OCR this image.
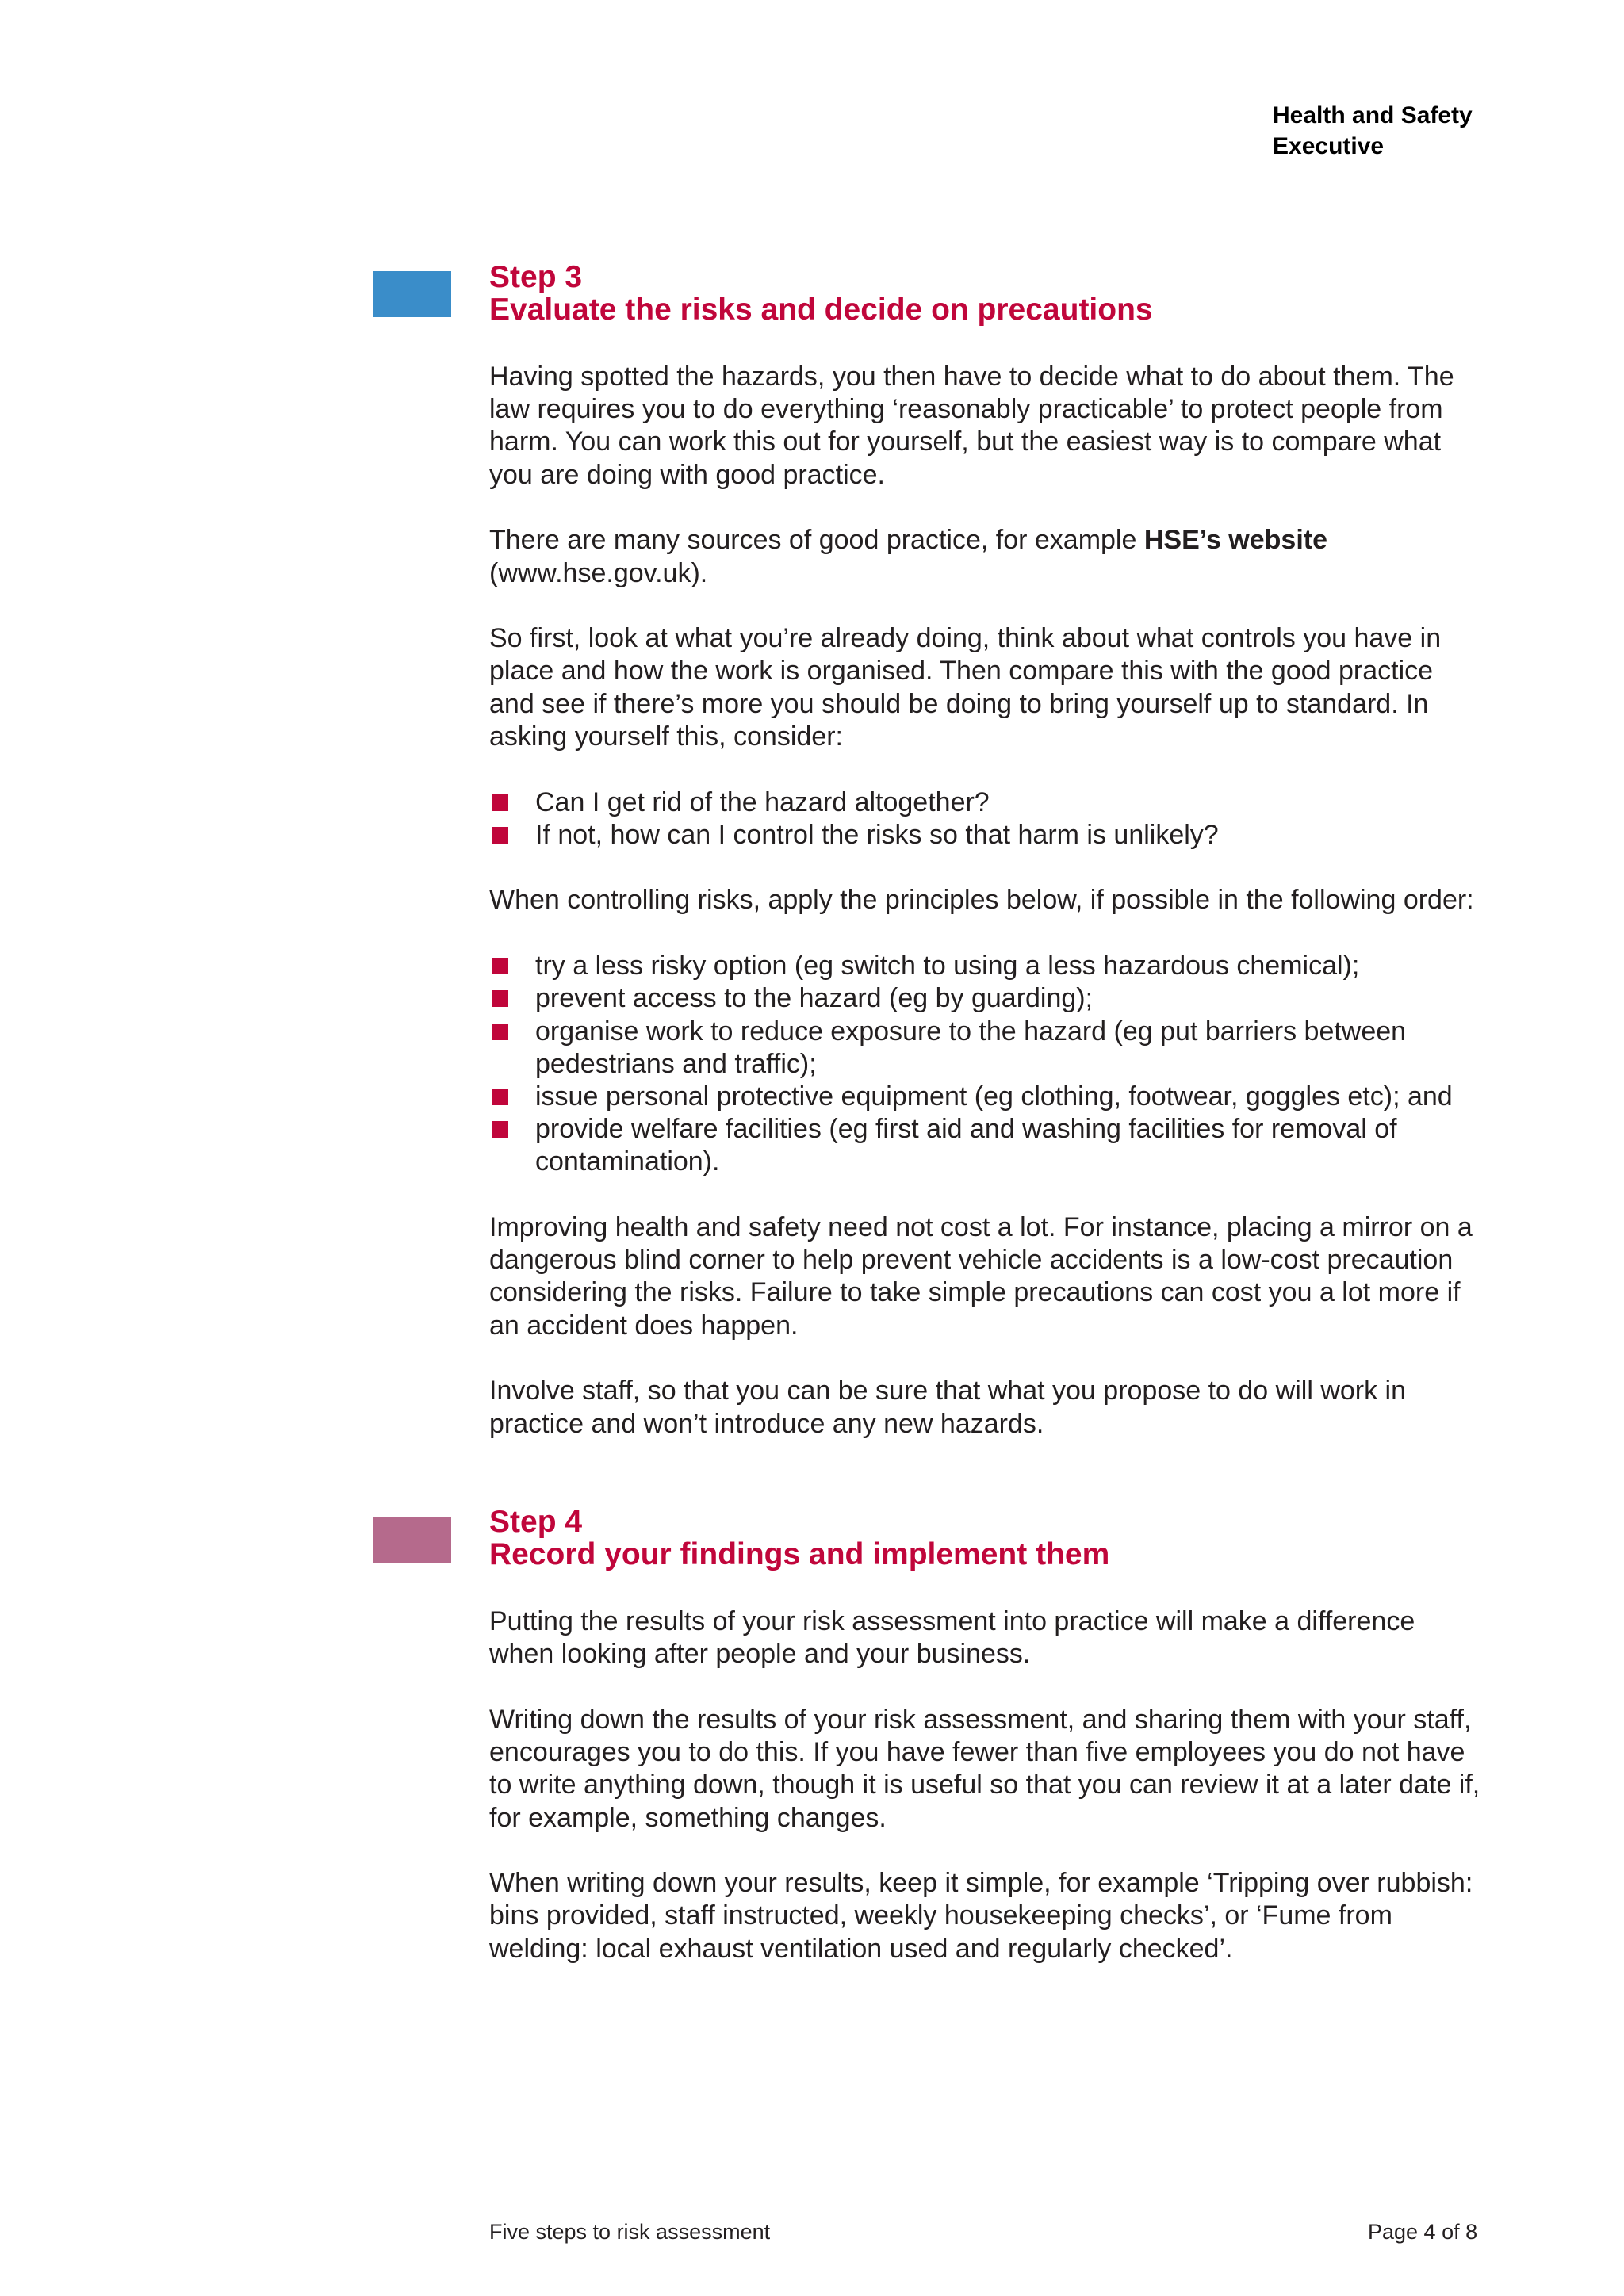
Health and Safety
Executive
Step 3
Evaluate the risks and decide on precautions

Having spotted the hazards, you then have to decide what to do about them. The law requires you to do everything ‘reasonably practicable’ to protect people from harm. You can work this out for yourself, but the easiest way is to compare what you are doing with good practice.

There are many sources of good practice, for example HSE’s website (www.hse.gov.uk).

So first, look at what you’re already doing, think about what controls you have in place and how the work is organised. Then compare this with the good practice and see if there’s more you should be doing to bring yourself up to standard. In asking yourself this, consider:

Can I get rid of the hazard altogether?
If not, how can I control the risks so that harm is unlikely?

When controlling risks, apply the principles below, if possible in the following order:

try a less risky option (eg switch to using a less hazardous chemical);
prevent access to the hazard (eg by guarding);
organise work to reduce exposure to the hazard (eg put barriers between pedestrians and traffic);
issue personal protective equipment (eg clothing, footwear, goggles etc); and
provide welfare facilities (eg first aid and washing facilities for removal of contamination).

Improving health and safety need not cost a lot. For instance, placing a mirror on a dangerous blind corner to help prevent vehicle accidents is a low-cost precaution considering the risks. Failure to take simple precautions can cost you a lot more if an accident does happen.

Involve staff, so that you can be sure that what you propose to do will work in practice and won’t introduce any new hazards.

Step 4
Record your findings and implement them

Putting the results of your risk assessment into practice will make a difference when looking after people and your business.

Writing down the results of your risk assessment, and sharing them with your staff, encourages you to do this. If you have fewer than five employees you do not have to write anything down, though it is useful so that you can review it at a later date if, for example, something changes.

When writing down your results, keep it simple, for example ‘Tripping over rubbish: bins provided, staff instructed, weekly housekeeping checks’, or ‘Fume from welding: local exhaust ventilation used and regularly checked’.

Five steps to risk assessment	Page 4 of 8
